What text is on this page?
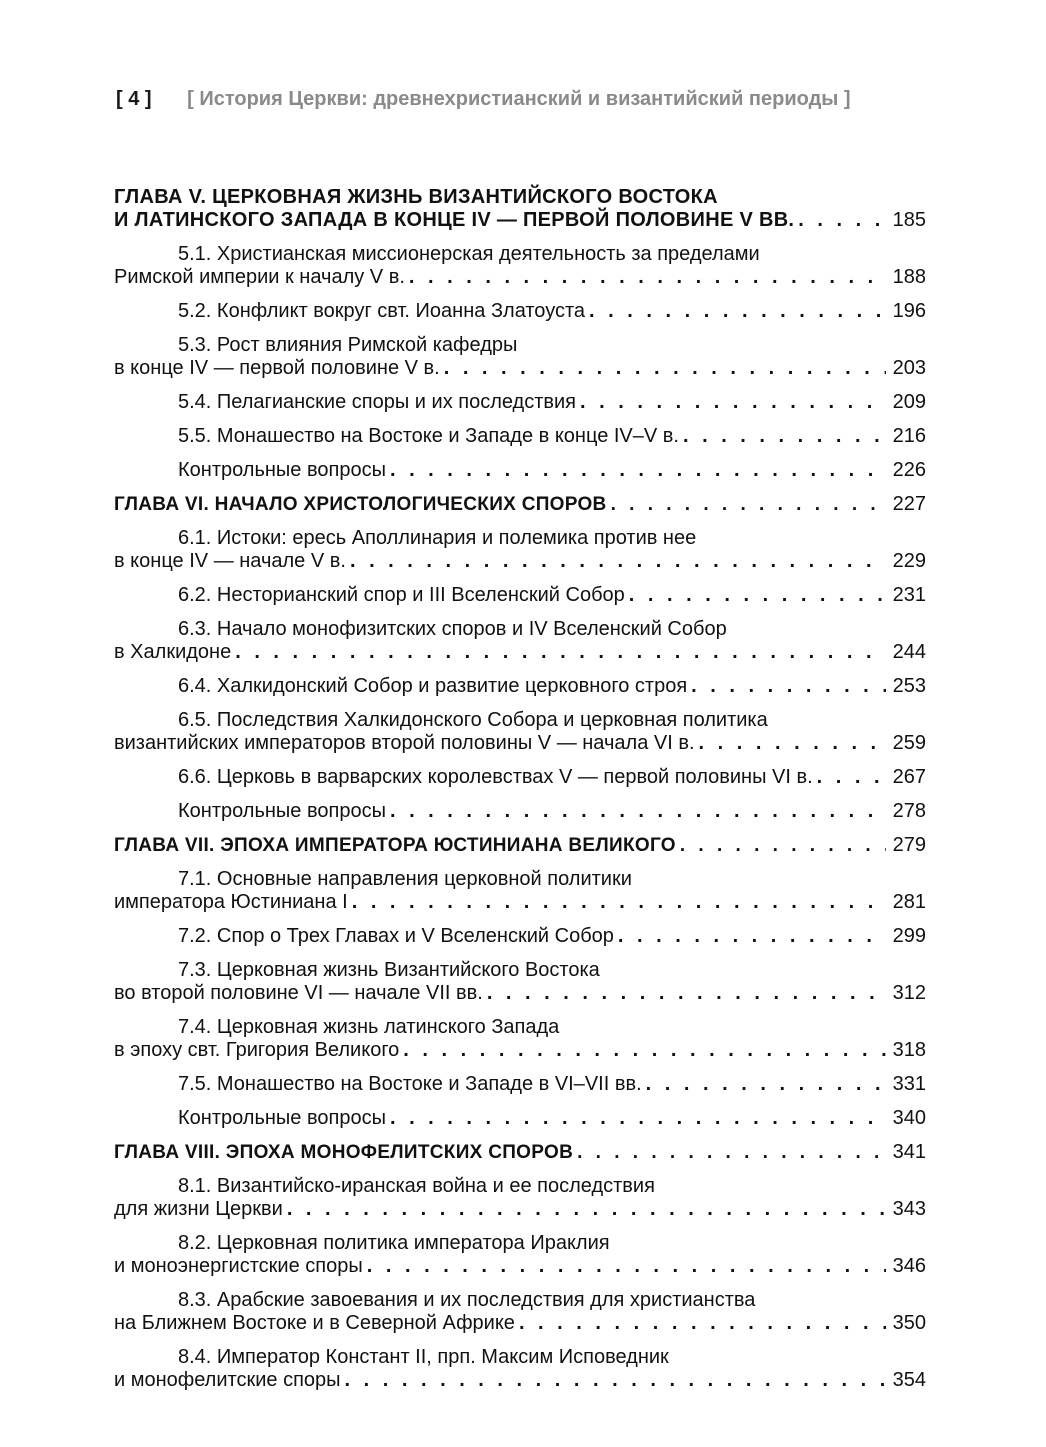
[ 4 ] [ История Церкви: древнехристианский и византийский периоды ]
ГЛАВА V. ЦЕРКОВНАЯ ЖИЗНЬ ВИЗАНТИЙСКОГО ВОСТОКА
И ЛАТИНСКОГО ЗАПАДА В КОНЦЕ IV — ПЕРВОЙ ПОЛОВИНЕ V ВВ. . . .	185
5.1. Христианская миссионерская деятельность за пределами
Римской империи к началу V в. . . .	188
5.2. Конфликт вокруг свт. Иоанна Златоуста . . .	196
5.3. Рост влияния Римской кафедры
в конце IV — первой половине V в. . . .	203
5.4. Пелагианские споры и их последствия . . .	209
5.5. Монашество на Востоке и Западе в конце IV–V в. . . .	216
Контрольные вопросы . . .	226
ГЛАВА VI. НАЧАЛО ХРИСТОЛОГИЧЕСКИХ СПОРОВ . . .	227
6.1. Истоки: ересь Аполлинария и полемика против нее
в конце IV — начале V в. . . .	229
6.2. Несторианский спор и III Вселенский Собор . . .	231
6.3. Начало монофизитских споров и IV Вселенский Собор
в Халкидоне . . .	244
6.4. Халкидонский Собор и развитие церковного строя . . .	253
6.5. Последствия Халкидонского Собора и церковная политика
византийских императоров второй половины V — начала VI в. . . .	259
6.6. Церковь в варварских королевствах V — первой половины VI в. . . .	267
Контрольные вопросы . . .	278
ГЛАВА VII. ЭПОХА ИМПЕРАТОРА ЮСТИНИАНА ВЕЛИКОГО . . .	279
7.1. Основные направления церковной политики
императора Юстиниана I . . .	281
7.2. Спор о Трех Главах и V Вселенский Собор . . .	299
7.3. Церковная жизнь Византийского Востока
во второй половине VI — начале VII вв. . . .	312
7.4. Церковная жизнь латинского Запада
в эпоху свт. Григория Великого . . .	318
7.5. Монашество на Востоке и Западе в VI–VII вв. . . .	331
Контрольные вопросы . . .	340
ГЛАВА VIII. ЭПОХА МОНОФЕЛИТСКИХ СПОРОВ . . .	341
8.1. Византийско-иранская война и ее последствия
для жизни Церкви . . .	343
8.2. Церковная политика императора Ираклия
и моноэнергистские споры . . .	346
8.3. Арабские завоевания и их последствия для христианства
на Ближнем Востоке и в Северной Африке . . .	350
8.4. Император Констант II, прп. Максим Исповедник
и монофелитские споры . . .	354
